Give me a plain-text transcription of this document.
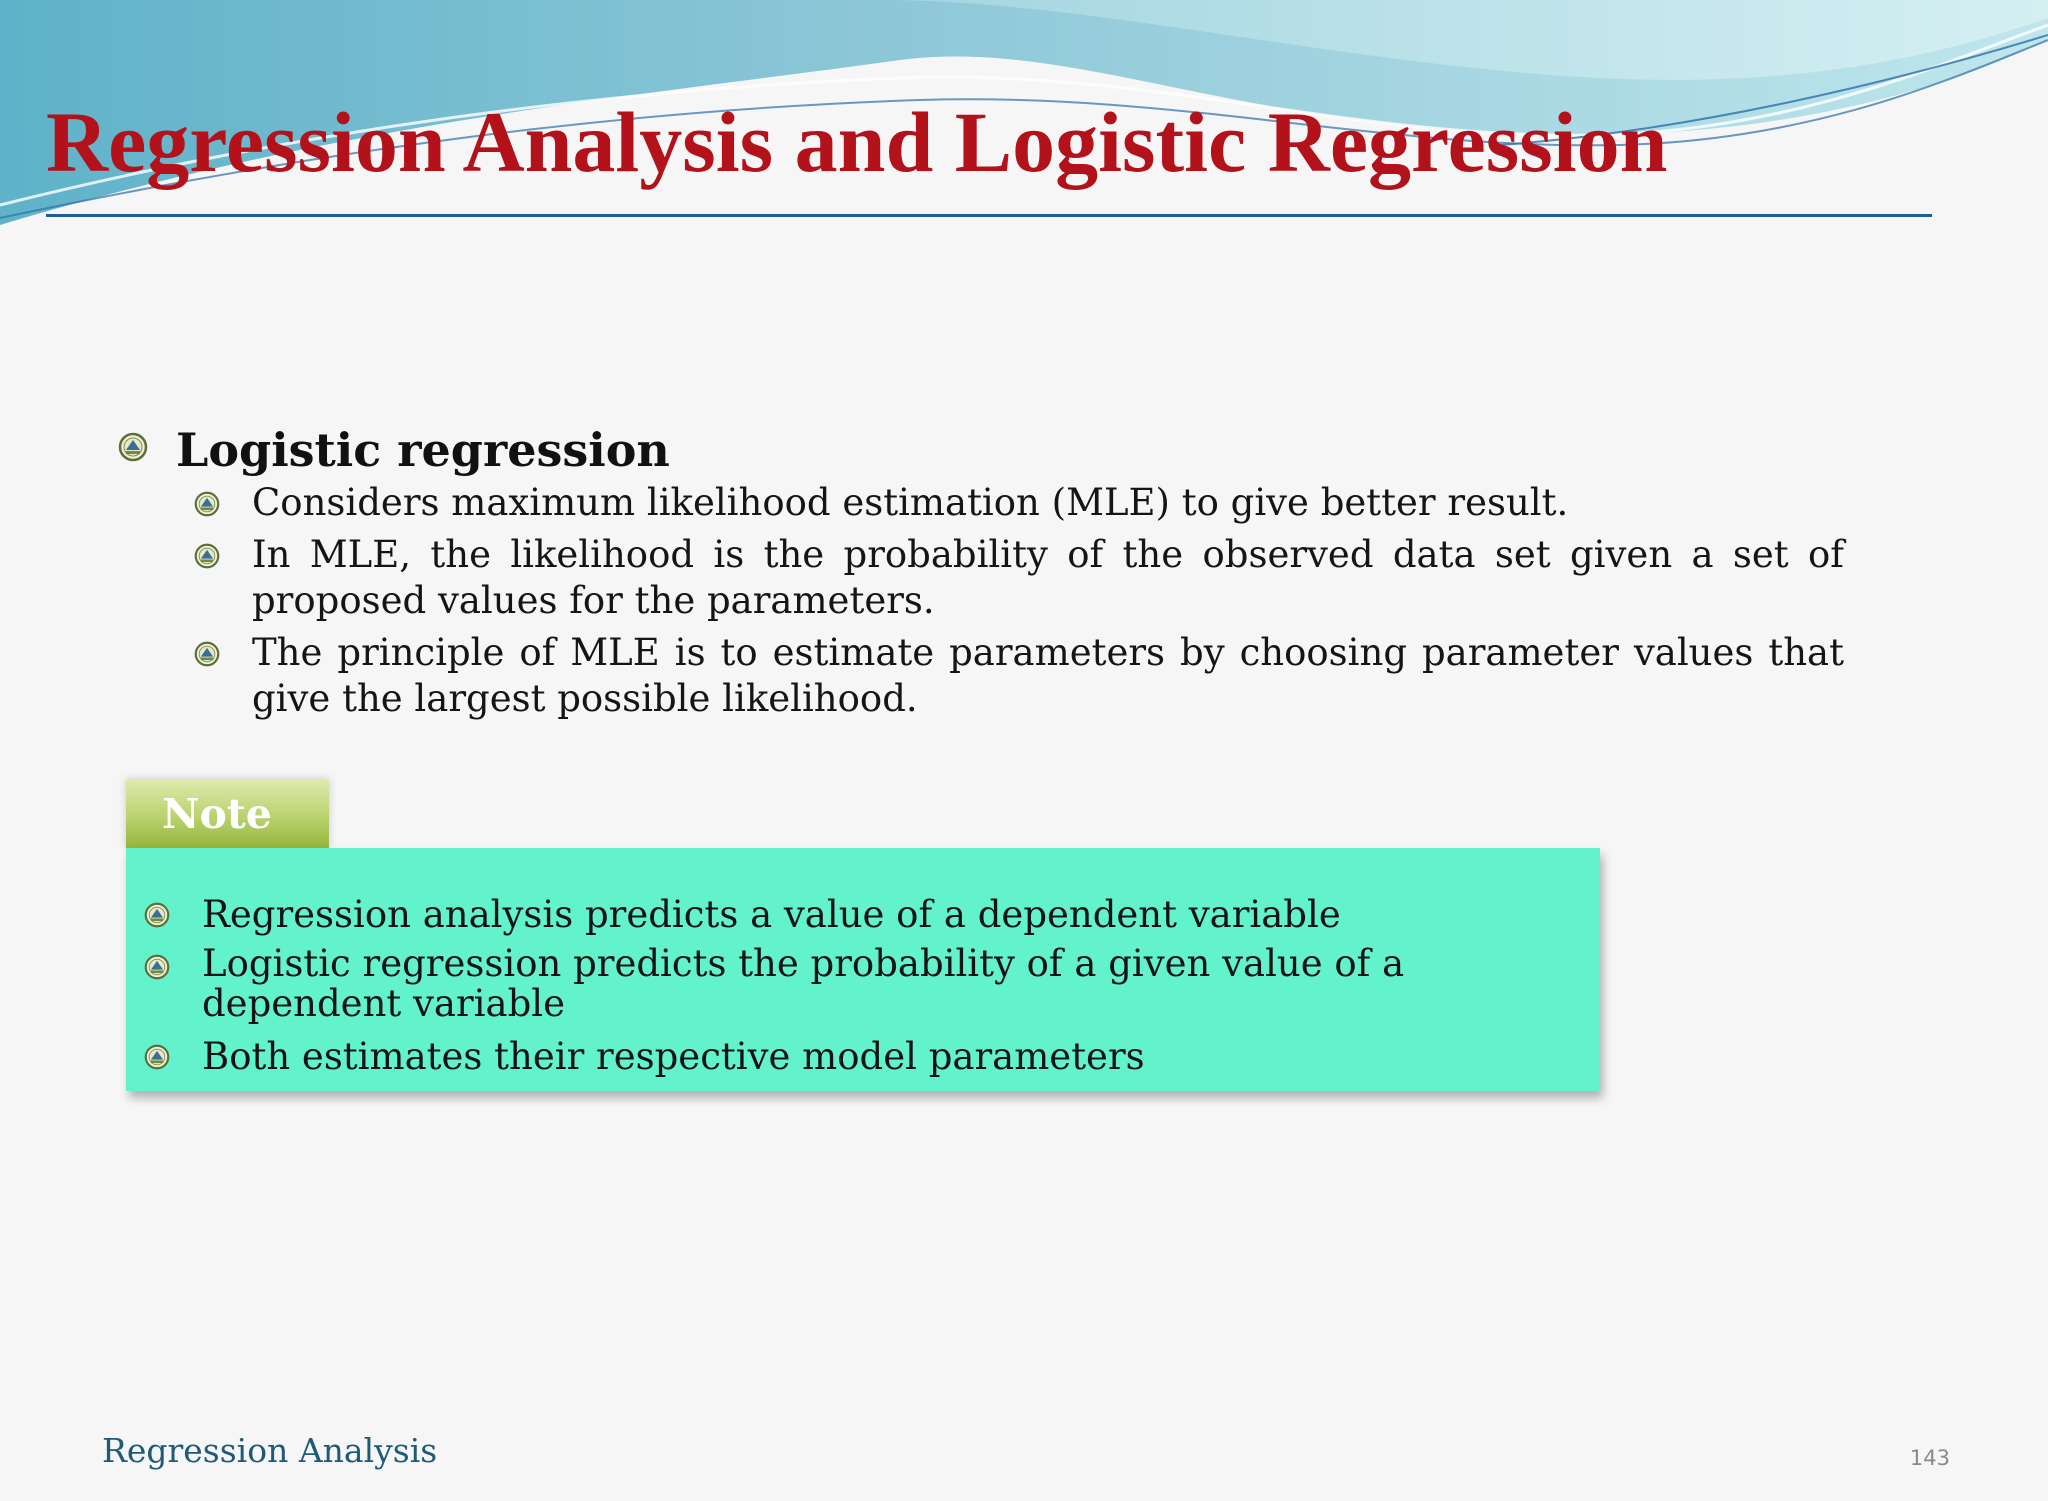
Regression Analysis and Logistic Regression
Logistic regression
Considers maximum likelihood estimation (MLE) to give better result.
In MLE, the likelihood is the probability of the observed data set given a set of proposed values for the parameters.
The principle of MLE is to estimate parameters by choosing parameter values that give the largest possible likelihood.
Note
Regression analysis predicts a value of a dependent variable
Logistic regression predicts the probability of a given value of a dependent variable
Both estimates their respective model parameters
Regression Analysis	143
